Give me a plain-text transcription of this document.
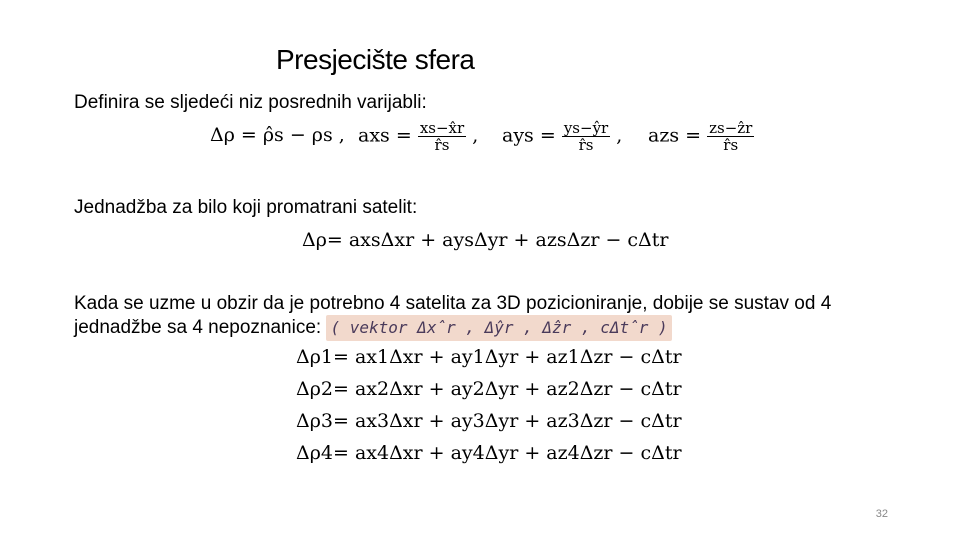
Presjecište sfera
Definira se sljedeći niz posrednih varijabli:
Δρ = ρ̂s − ρs , axs = $\frac{xs-x̂r}{r̂s}$ , ays = $\frac{ys-ŷr}{r̂s}$ , azs = $\frac{\text{zs−ẑr}}{r̂s}$
Jednadžba za bilo koji promatrani satelit:
Δρ= axsΔxr + aysΔyr + azsΔzr − cΔtr
Kada se uzme u obzir da je potrebno 4 satelita za 3D pozicioniranje, dobije se sustav od 4
jednadžbe sa 4 nepoznanice: ( vektor Δx̂r , Δŷr , Δẑr , cΔt̂r )
Δρ1= ax1Δxr + ay1Δyr + az1Δzr − cΔtr
Δρ2= ax2Δxr + ay2Δyr + az2Δzr − cΔtr
Δρ3= ax3Δxr + ay3Δyr + az3Δzr − cΔtr
Δρ4= ax4Δxr + ay4Δyr + az4Δzr − cΔtr
32
